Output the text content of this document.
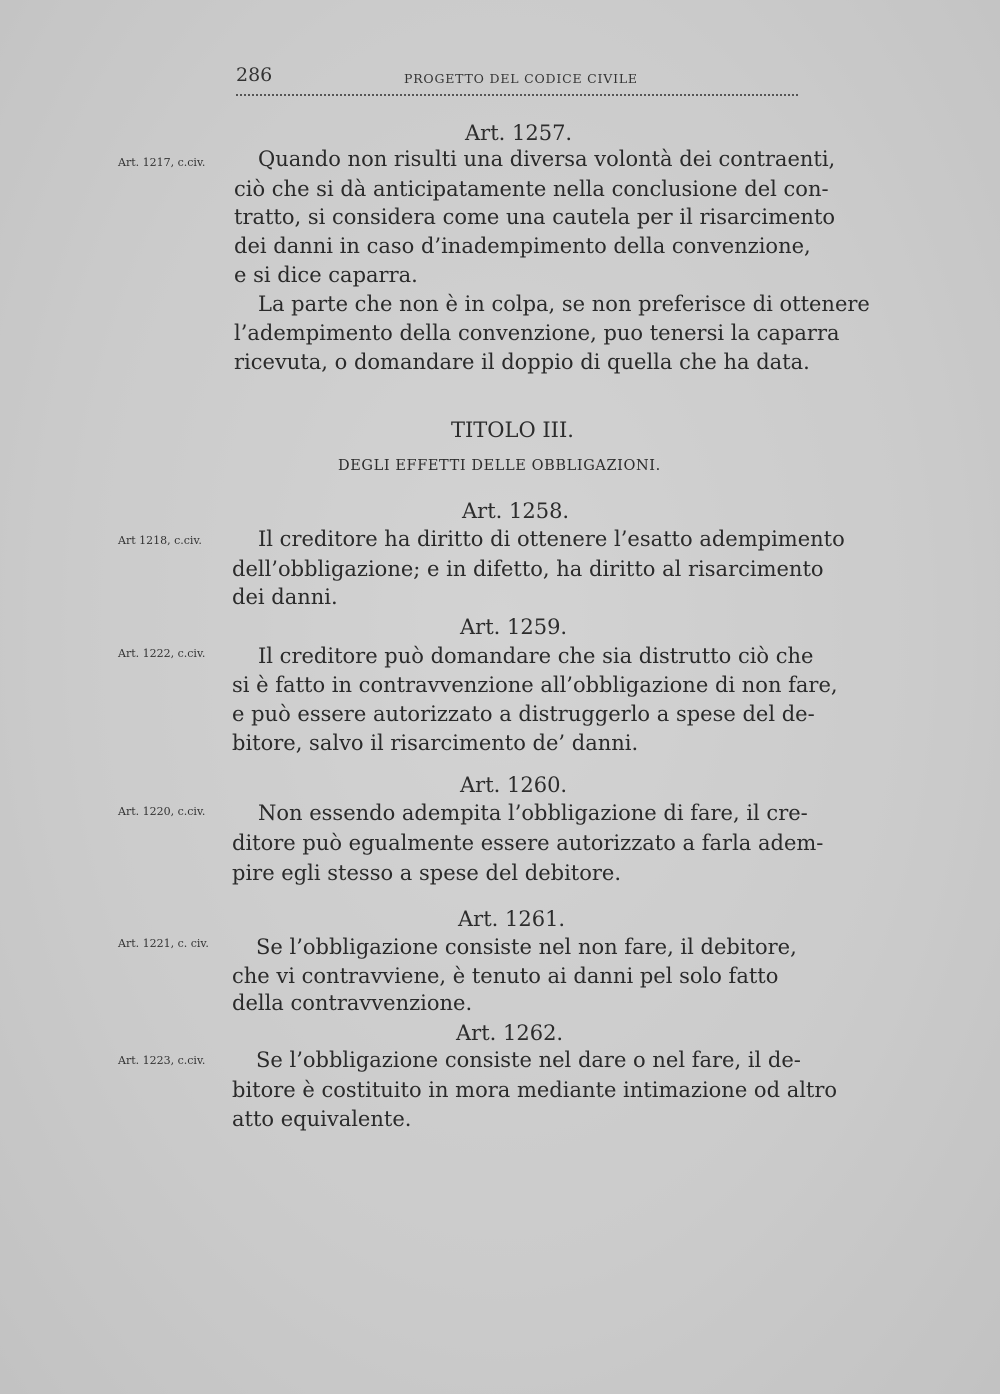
286	PROGETTO DEL CODICE CIVILE
Art. 1257.
Art. 1217, c.civ.	Quando non risulti una diversa volontà dei contraenti,
ciò che si dà anticipatamente nella conclusione del con-
tratto, si considera come una cautela per il risarcimento
dei danni in caso d’inadempimento della convenzione,
e si dice caparra.
La parte che non è in colpa, se non preferisce di ottenere
l’adempimento della convenzione, puo tenersi la caparra
ricevuta, o domandare il doppio di quella che ha data.
TITOLO III.
DEGLI EFFETTI DELLE OBBLIGAZIONI.
Art. 1258.
Art 1218, c.civ.	Il creditore ha diritto di ottenere l’esatto adempimento
dell’obbligazione; e in difetto, ha diritto al risarcimento
dei danni.
Art. 1259.
Art. 1222, c.civ.	Il creditore può domandare che sia distrutto ciò che
si è fatto in contravvenzione all’obbligazione di non fare,
e può essere autorizzato a distruggerlo a spese del de-
bitore, salvo il risarcimento de’ danni.
Art. 1260.
Art. 1220, c.civ.	Non essendo adempita l’obbligazione di fare, il cre-
ditore può egualmente essere autorizzato a farla adem-
pire egli stesso a spese del debitore.
Art. 1261.
Art. 1221, c. civ. Se l’obbligazione consiste nel non fare, il debitore,
che vi contravviene, è tenuto ai danni pel solo fatto
della contravvenzione.
Art. 1262.
Art. 1223, c.civ. Se l’obbligazione consiste nel dare o nel fare, il de-
bitore è costituito in mora mediante intimazione od altro
atto equivalente.
